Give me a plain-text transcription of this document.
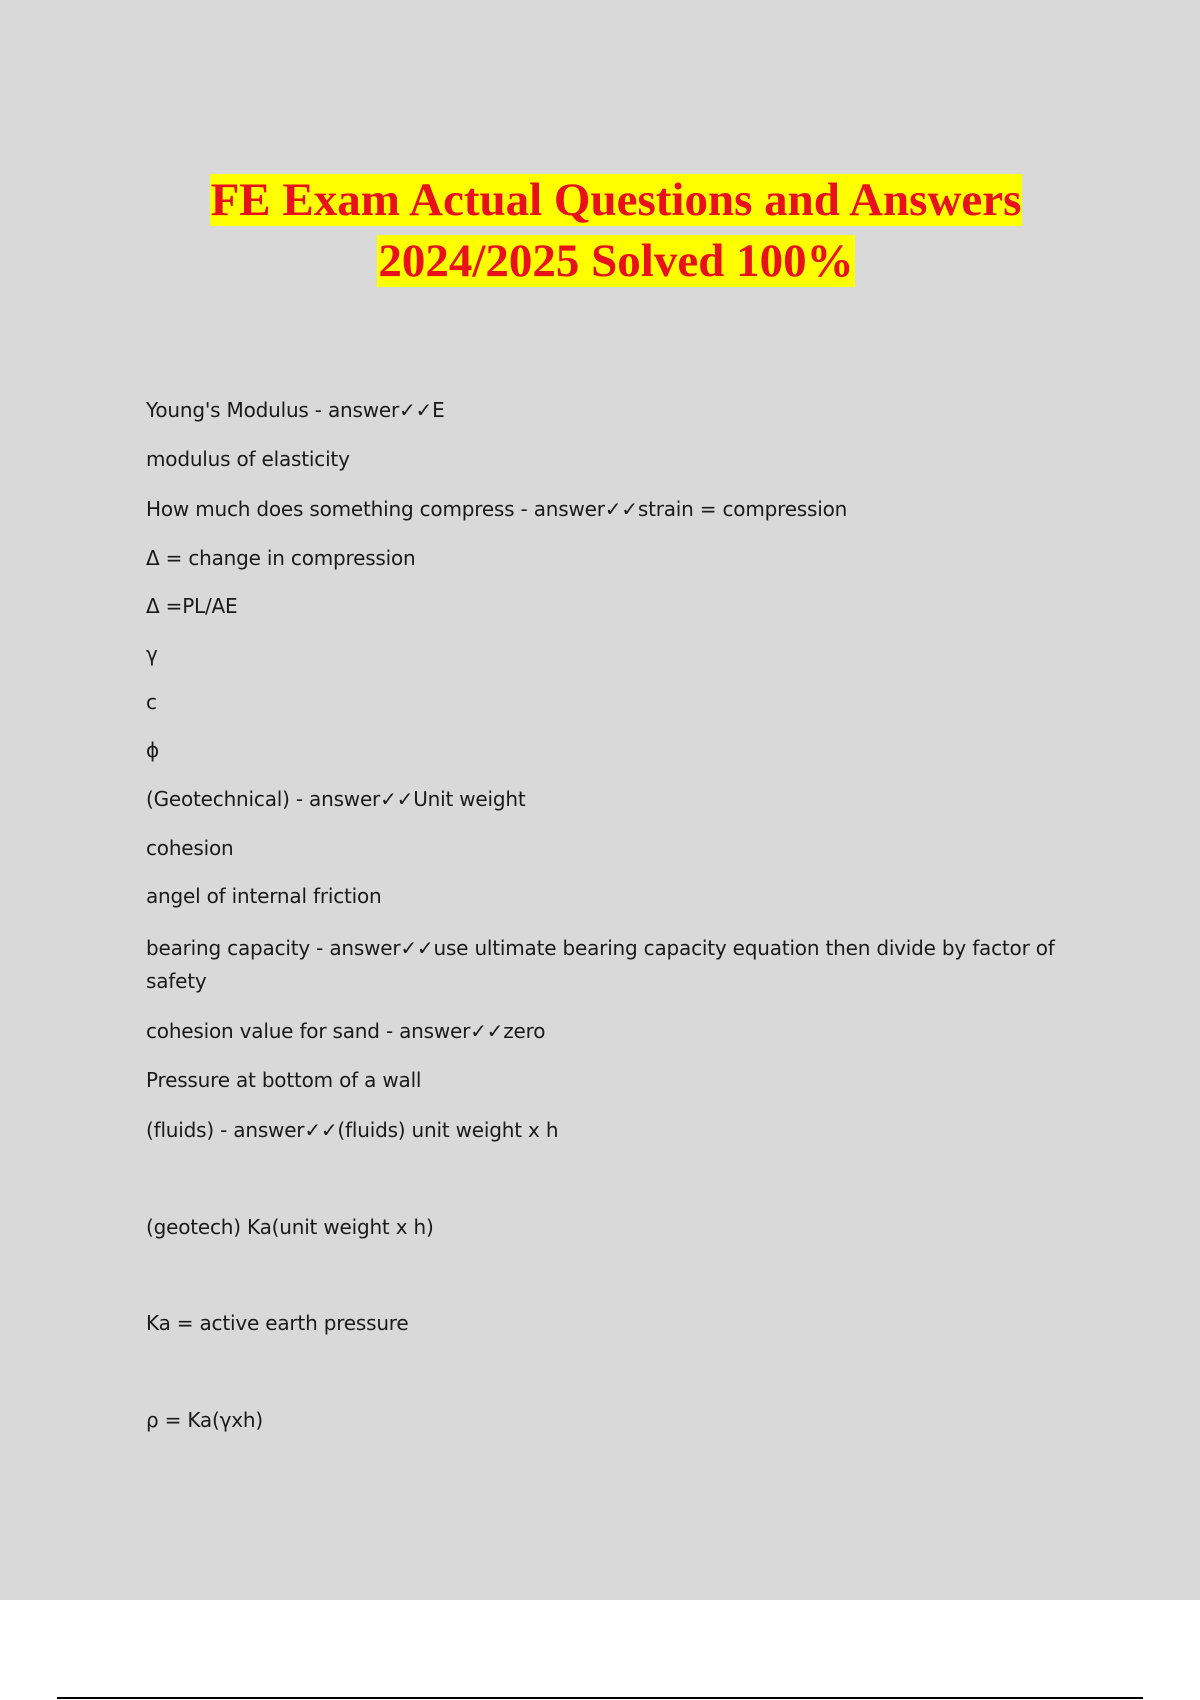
FE Exam Actual Questions and Answers
2024/2025 Solved 100%

Young's Modulus - answer✓✓E

modulus of elasticity

How much does something compress - answer✓✓strain = compression

Δ = change in compression

Δ =PL/AE

γ

c

ϕ

(Geotechnical) - answer✓✓Unit weight

cohesion

angel of internal friction

bearing capacity - answer✓✓use ultimate bearing capacity equation then divide by factor of safety

cohesion value for sand - answer✓✓zero

Pressure at bottom of a wall

(fluids) - answer✓✓(fluids) unit weight x h

(geotech) Ka(unit weight x h)

Ka = active earth pressure

ρ = Ka(γxh)
